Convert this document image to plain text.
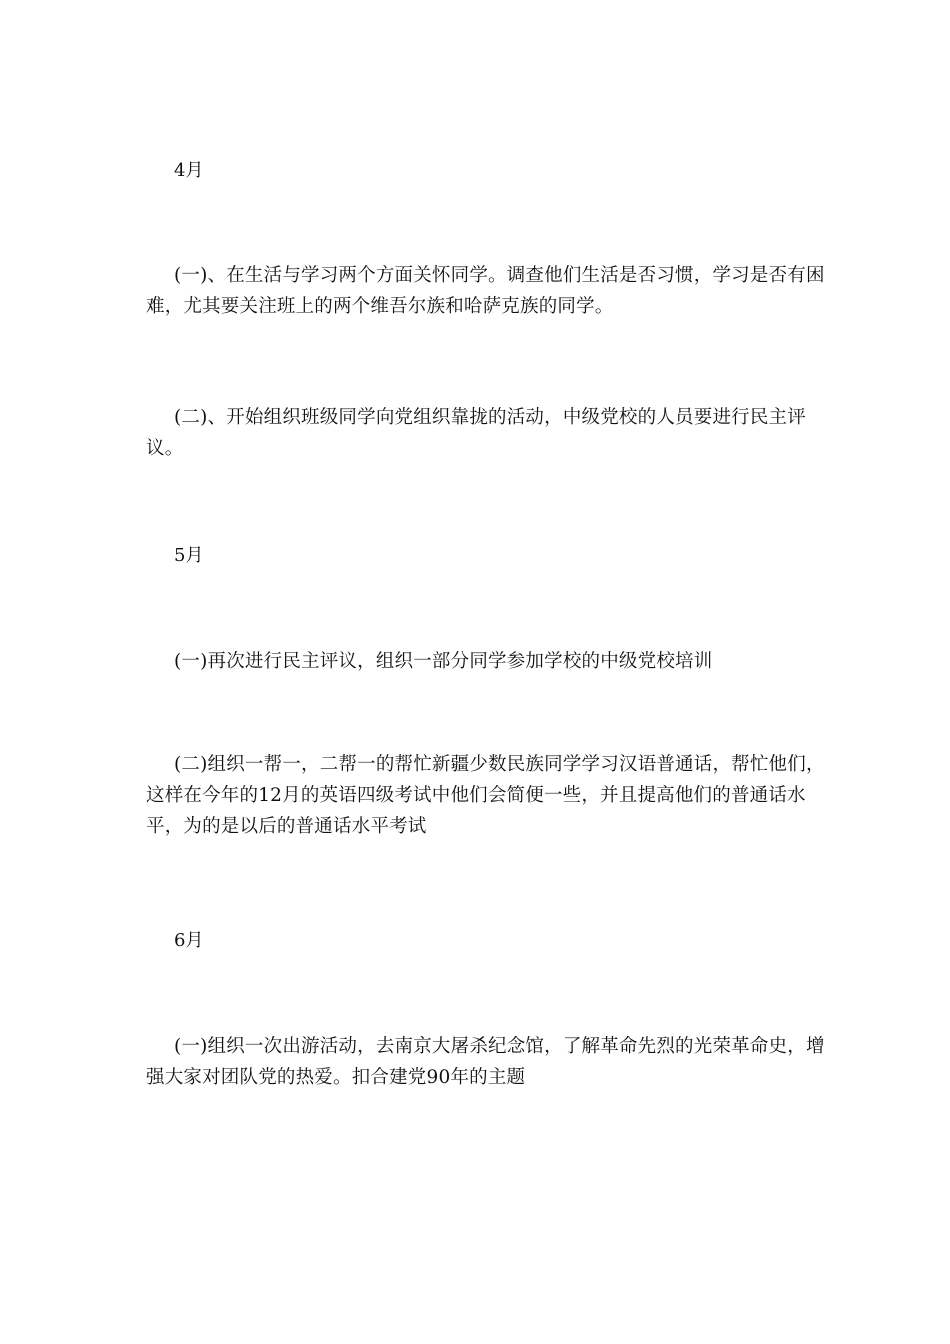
4月

(一)、在生活与学习两个方面关怀同学。调查他们生活是否习惯，学习是否有困难，尤其要关注班上的两个维吾尔族和哈萨克族的同学。

(二)、开始组织班级同学向党组织靠拢的活动，中级党校的人员要进行民主评议。

5月

(一)再次进行民主评议，组织一部分同学参加学校的中级党校培训

(二)组织一帮一，二帮一的帮忙新疆少数民族同学学习汉语普通话，帮忙他们，这样在今年的12月的英语四级考试中他们会简便一些，并且提高他们的普通话水平，为的是以后的普通话水平考试

6月

(一)组织一次出游活动，去南京大屠杀纪念馆，了解革命先烈的光荣革命史，增强大家对团队党的热爱。扣合建党90年的主题
